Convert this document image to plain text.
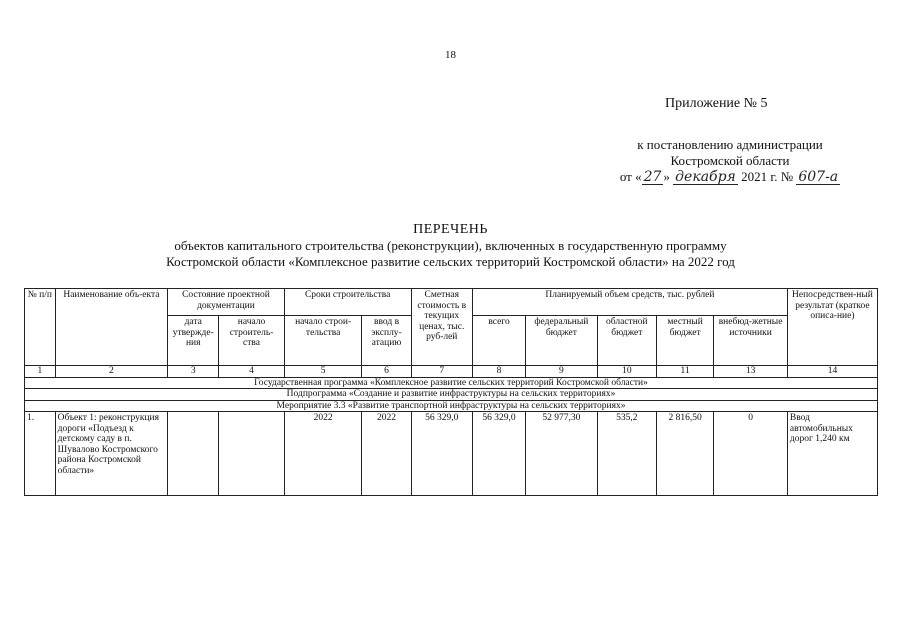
18
Приложение № 5
к постановлению администрации
Костромской области
от « 27 » декабря 2021 г. № 607-а
ПЕРЕЧЕНЬ
объектов капитального строительства (реконструкции), включенных в государственную программу
Костромской области «Комплексное развитие сельских территорий Костромской области» на 2022 год
№ п/п	Наименование объ-екта	Состояние проектной документации		Сроки строительства		Сметная стоимость в текущих ценах, тыс. руб-лей	Планируемый объем средств, тыс. рублей					Непосредствен-ный результат (краткое описа-ние)
		дата утвержде-ния	начало строитель-ства	начало строи-тельства	ввод в эксплу-атацию		всего	федеральный бюджет	областной бюджет	местный бюджет	внебюд-жетные источники	
1	2	3	4	5	6	7	8	9	10	11	13	14
Государственная программа «Комплексное развитие сельских территорий Костромской области»												
Подпрограмма «Создание и развитие инфраструктуры на сельских территориях»												
Мероприятие 3.3 «Развитие транспортной инфраструктуры на сельских территориях»												
1.	Объект 1: реконструкция дороги «Подъезд к детскому саду в п. Шувалово Костромского района Костромской области»			2022	2022	56 329,0	56 329,0	52 977,30	535,2	2 816,50	0	Ввод автомобильных дорог 1,240 км
